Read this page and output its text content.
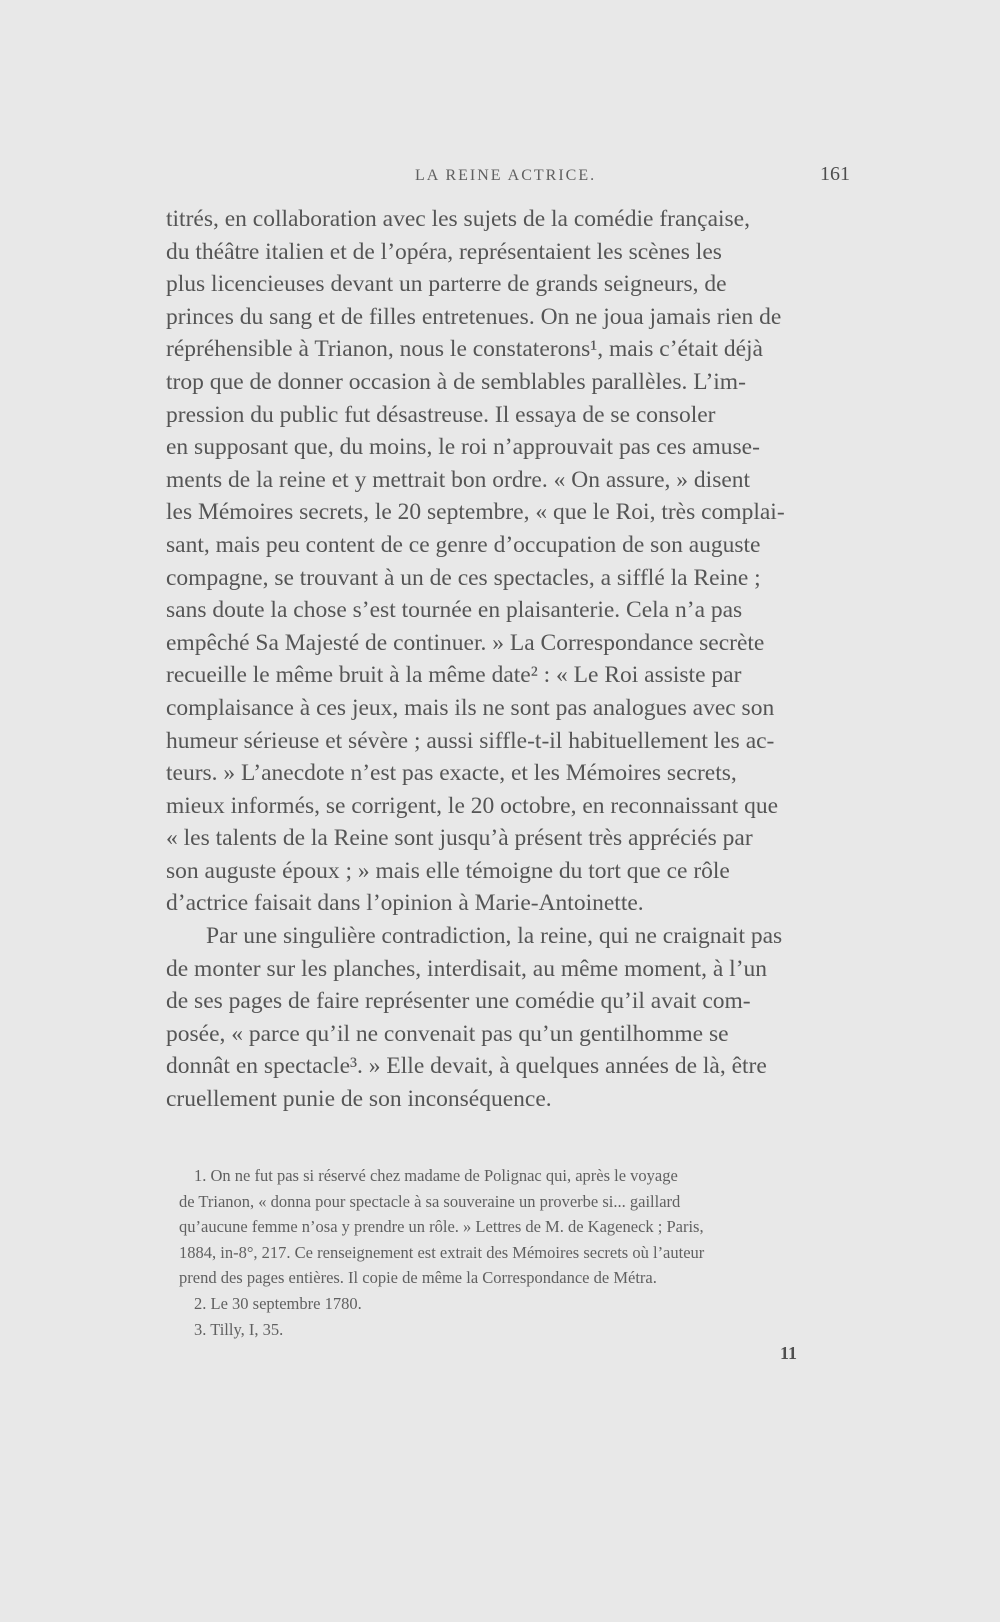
LA REINE ACTRICE.	161
titrés, en collaboration avec les sujets de la comédie française,
du théâtre italien et de l’opéra, représentaient les scènes les
plus licencieuses devant un parterre de grands seigneurs, de
princes du sang et de filles entretenues. On ne joua jamais rien de
répréhensible à Trianon, nous le constaterons¹, mais c’était déjà
trop que de donner occasion à de semblables parallèles. L’im-
pression du public fut désastreuse. Il essaya de se consoler
en supposant que, du moins, le roi n’approuvait pas ces amuse-
ments de la reine et y mettrait bon ordre. « On assure, » disent
les Mémoires secrets, le 20 septembre, « que le Roi, très complai-
sant, mais peu content de ce genre d’occupation de son auguste
compagne, se trouvant à un de ces spectacles, a sifflé la Reine ;
sans doute la chose s’est tournée en plaisanterie. Cela n’a pas
empêché Sa Majesté de continuer. » La Correspondance secrète
recueille le même bruit à la même date² : « Le Roi assiste par
complaisance à ces jeux, mais ils ne sont pas analogues avec son
humeur sérieuse et sévère ; aussi siffle-t-il habituellement les ac-
teurs. » L’anecdote n’est pas exacte, et les Mémoires secrets,
mieux informés, se corrigent, le 20 octobre, en reconnaissant que
« les talents de la Reine sont jusqu’à présent très appréciés par
son auguste époux ; » mais elle témoigne du tort que ce rôle
d’actrice faisait dans l’opinion à Marie-Antoinette.
Par une singulière contradiction, la reine, qui ne craignait pas
de monter sur les planches, interdisait, au même moment, à l’un
de ses pages de faire représenter une comédie qu’il avait com-
posée, « parce qu’il ne convenait pas qu’un gentilhomme se
donnât en spectacle³. » Elle devait, à quelques années de là, être
cruellement punie de son inconséquence.
1. On ne fut pas si réservé chez madame de Polignac qui, après le voyage
de Trianon, « donna pour spectacle à sa souveraine un proverbe si... gaillard
qu’aucune femme n’osa y prendre un rôle. » Lettres de M. de Kageneck ; Paris,
1884, in-8°, 217. Ce renseignement est extrait des Mémoires secrets où l’auteur
prend des pages entières. Il copie de même la Correspondance de Métra.
2. Le 30 septembre 1780.
3. Tilly, I, 35.
11
